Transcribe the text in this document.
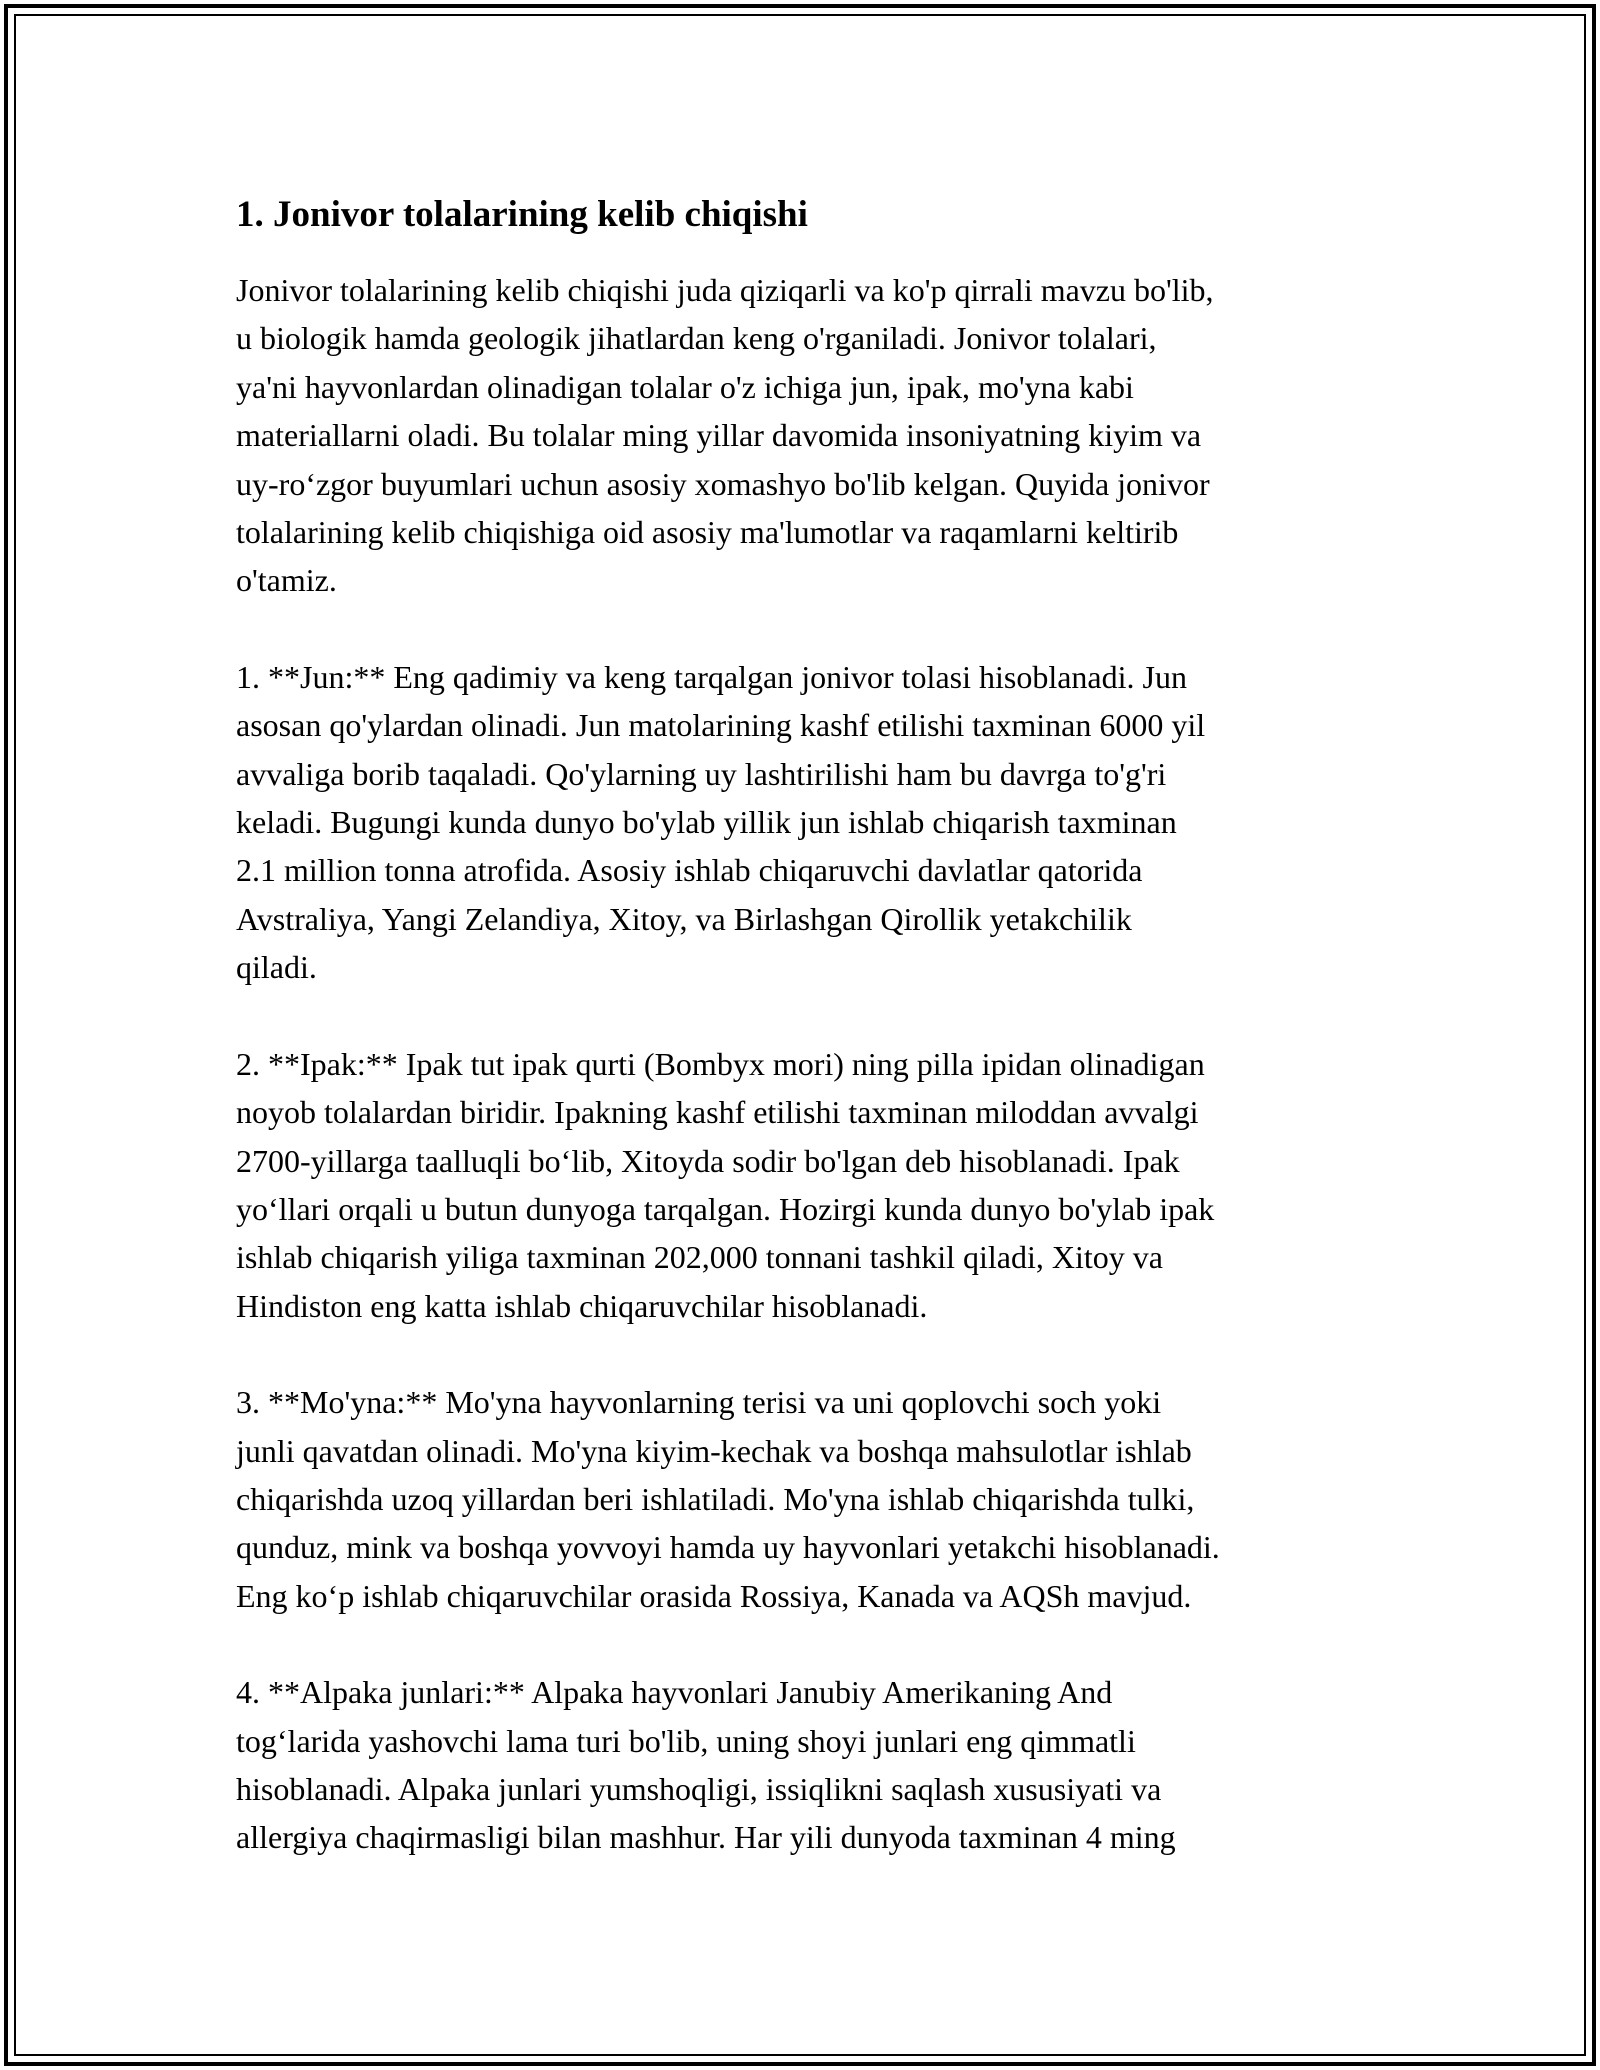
1. Jonivor tolalarining kelib chiqishi

Jonivor tolalarining kelib chiqishi juda qiziqarli va ko'p qirrali mavzu bo'lib,
u biologik hamda geologik jihatlardan keng o'rganiladi. Jonivor tolalari,
ya'ni hayvonlardan olinadigan tolalar o'z ichiga jun, ipak, mo'yna kabi
materiallarni oladi. Bu tolalar ming yillar davomida insoniyatning kiyim va
uy-ro‘zgor buyumlari uchun asosiy xomashyo bo'lib kelgan. Quyida jonivor
tolalarining kelib chiqishiga oid asosiy ma'lumotlar va raqamlarni keltirib
o'tamiz.

1. **Jun:** Eng qadimiy va keng tarqalgan jonivor tolasi hisoblanadi. Jun
asosan qo'ylardan olinadi. Jun matolarining kashf etilishi taxminan 6000 yil
avvaliga borib taqaladi. Qo'ylarning uy lashtirilishi ham bu davrga to'g'ri
keladi. Bugungi kunda dunyo bo'ylab yillik jun ishlab chiqarish taxminan
2.1 million tonna atrofida. Asosiy ishlab chiqaruvchi davlatlar qatorida
Avstraliya, Yangi Zelandiya, Xitoy, va Birlashgan Qirollik yetakchilik
qiladi.

2. **Ipak:** Ipak tut ipak qurti (Bombyx mori) ning pilla ipidan olinadigan
noyob tolalardan biridir. Ipakning kashf etilishi taxminan miloddan avvalgi
2700-yillarga taalluqli bo‘lib, Xitoyda sodir bo'lgan deb hisoblanadi. Ipak
yo‘llari orqali u butun dunyoga tarqalgan. Hozirgi kunda dunyo bo'ylab ipak
ishlab chiqarish yiliga taxminan 202,000 tonnani tashkil qiladi, Xitoy va
Hindiston eng katta ishlab chiqaruvchilar hisoblanadi.

3. **Mo'yna:** Mo'yna hayvonlarning terisi va uni qoplovchi soch yoki
junli qavatdan olinadi. Mo'yna kiyim-kechak va boshqa mahsulotlar ishlab
chiqarishda uzoq yillardan beri ishlatiladi. Mo'yna ishlab chiqarishda tulki,
qunduz, mink va boshqa yovvoyi hamda uy hayvonlari yetakchi hisoblanadi.
Eng ko‘p ishlab chiqaruvchilar orasida Rossiya, Kanada va AQSh mavjud.

4. **Alpaka junlari:** Alpaka hayvonlari Janubiy Amerikaning And
tog‘larida yashovchi lama turi bo'lib, uning shoyi junlari eng qimmatli
hisoblanadi. Alpaka junlari yumshoqligi, issiqlikni saqlash xususiyati va
allergiya chaqirmasligi bilan mashhur. Har yili dunyoda taxminan 4 ming
